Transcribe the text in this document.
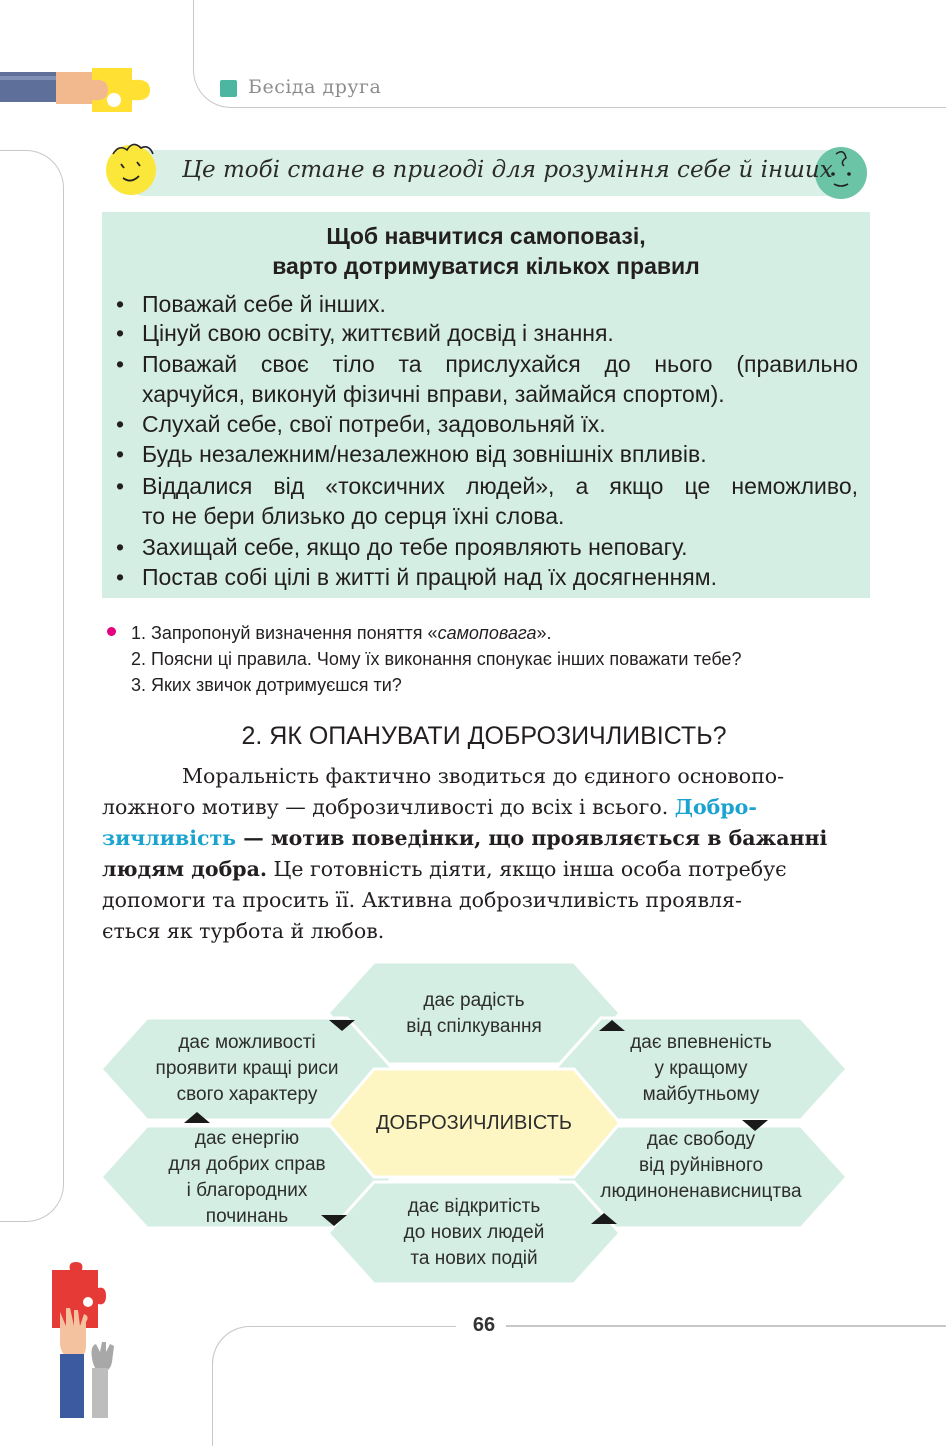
Бесіда друга
Це тобі стане в пригоді для розуміння себе й інших
Щоб навчитися самоповазі,
варто дотримуватися кількох правил
• Поважай себе й інших.
• Цінуй свою освіту, життєвий досвід і знання.
• Поважай своє тіло та прислухайся до нього (правильно
харчуйся, виконуй фізичні вправи, займайся спортом).
• Слухай себе, свої потреби, задовольняй їх.
• Будь незалежним/незалежною від зовнішніх впливів.
• Віддалися від «токсичних людей», а якщо це неможливо,
то не бери близько до серця їхні слова.
• Захищай себе, якщо до тебе проявляють неповагу.
• Постав собі цілі в житті й працюй над їх досягненням.
1. Запропонуй визначення поняття «самоповага».
2. Поясни ці правила. Чому їх виконання спонукає інших поважати тебе?
3. Яких звичок дотримуєшся ти?
2. ЯК ОПАНУВАТИ ДОБРОЗИЧЛИВІСТЬ?
Моральність фактично зводиться до єдиного основопо-
ложного мотиву — доброзичливості до всіх і всього. Добро-
зичливість — мотив поведінки, що проявляється в бажанні
людям добра. Це готовність діяти, якщо інша особа потребує
допомоги та просить її. Активна доброзичливість проявля-
ється як турбота й любов.
дає радість
від спілкування
дає можливості
проявити кращі риси
свого характеру
дає впевненість
у кращому
майбутньому
дає енергію
для добрих справ
і благородних
починань
дає свободу
від руйнівного
людиноненависництва
дає відкритість
до нових людей
та нових подій
ДОБРОЗИЧЛИВІСТЬ
66
